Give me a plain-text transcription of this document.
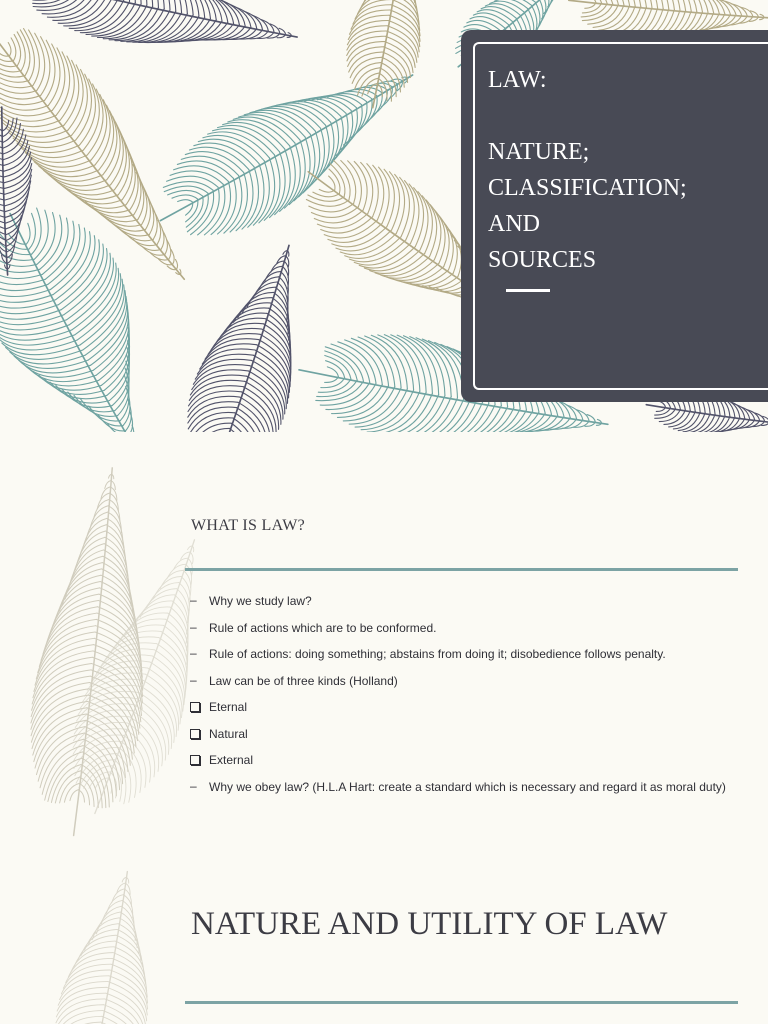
LAW:

NATURE;
CLASSIFICATION;
AND
SOURCES
WHAT IS LAW?
–	Why we study law?
–	Rule of actions which are to be conformed.
–	Rule of actions: doing something; abstains from doing it; disobedience follows penalty.
–	Law can be of three kinds (Holland)
Eternal
Natural
External
–	Why we obey law? (H.L.A Hart: create a standard which is necessary and regard it as moral duty)
NATURE AND UTILITY OF LAW
